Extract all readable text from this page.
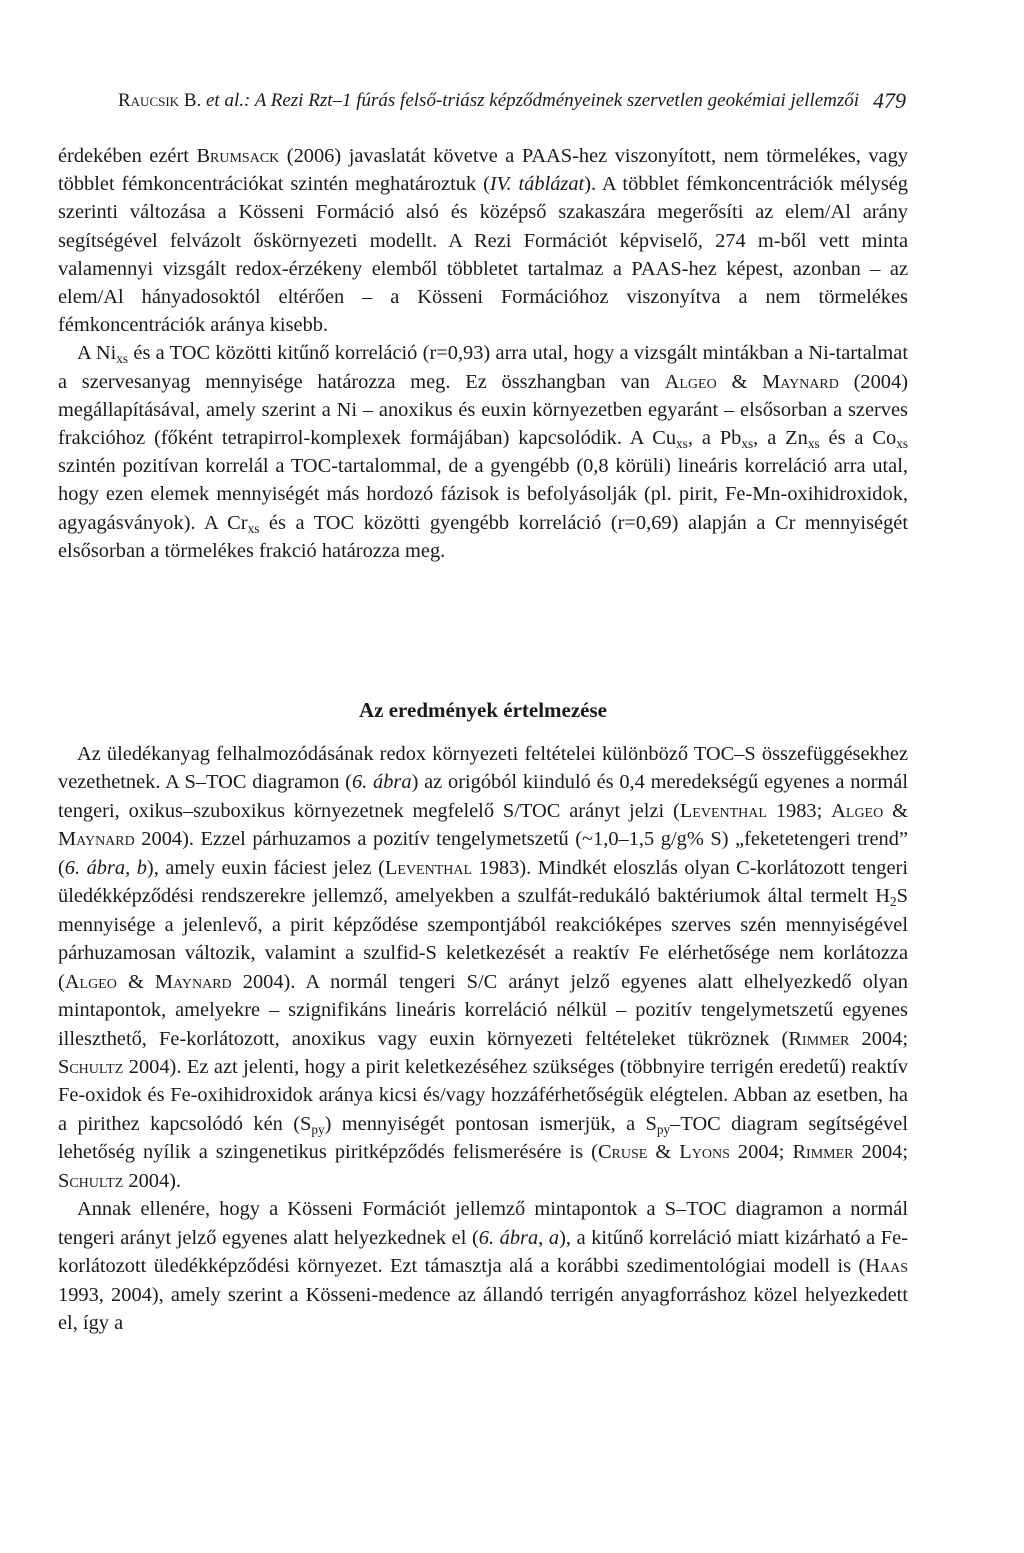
Raucsik B. et al.: A Rezi Rzt–1 fúrás felső-triász képződményeinek szervetlen geokémiai jellemzői 479

érdekében ezért Brumsack (2006) javaslatát követve a PAAS-hez viszonyított, nem törmelékes, vagy többlet fémkoncentrációkat szintén meghatároztuk (IV. táblázat). A többlet fémkoncentrációk mélység szerinti változása a Kösseni Formáció alsó és középső szakaszára megerősíti az elem/Al arány segítségével felvázolt őskörnyezeti modellt. A Rezi Formációt képviselő, 274 m-ből vett minta valamennyi vizsgált redox-érzékeny elemből többletet tartalmaz a PAAS-hez képest, azonban – az elem/Al hányadosoktól eltérően – a Kösseni Formációhoz viszonyítva a nem törmelékes fémkoncentrációk aránya kisebb.

A $Ni_{xs}$ és a TOC közötti kitűnő korreláció (r=0,93) arra utal, hogy a vizsgált mintákban a Ni-tartalmat a szervesanyag mennyisége határozza meg. Ez összhangban van Algeo & Maynard (2004) megállapításával, amely szerint a Ni – anoxikus és euxin környezetben egyaránt – elsősorban a szerves frakcióhoz (főként tetrapirrol-komplexek formájában) kapcsolódik. A $Cu_{xs}$, a $Pb_{xs}$, a $Zn_{xs}$ és a $Co_{xs}$ szintén pozitívan korrelál a TOC-tartalommal, de a gyengébb (0,8 körüli) lineáris korreláció arra utal, hogy ezen elemek mennyiségét más hordozó fázisok is befolyásolják (pl. pirit, Fe-Mn-oxihidroxidok, agyagásványok). A $Cr_{xs}$ és a TOC közötti gyengébb korreláció (r=0,69) alapján a Cr mennyiségét elsősorban a törmelékes frakció határozza meg.

Az eredmények értelmezése

Az üledékanyag felhalmozódásának redox környezeti feltételei különböző TOC–S összefüggésekhez vezethetnek. A S–TOC diagramon (6. ábra) az origóból kiinduló és 0,4 meredekségű egyenes a normál tengeri, oxikus–szuboxikus környezetnek megfelelő S/TOC arányt jelzi (Leventhal 1983; Algeo & Maynard 2004). Ezzel párhuzamos a pozitív tengelymetszetű (~1,0–1,5 g/g% S) „feketetengeri trend” (6. ábra, b), amely euxin fáciest jelez (Leventhal 1983). Mindkét eloszlás olyan C-korlátozott tengeri üledékképződési rendszerekre jellemző, amelyekben a szulfát-redukáló baktériumok által termelt $H_2S$ mennyisége a jelenlevő, a pirit képződése szempontjából reakcióképes szerves szén mennyiségével párhuzamosan változik, valamint a szulfid-S keletkezését a reaktív Fe elérhetősége nem korlátozza (Algeo & Maynard 2004). A normál tengeri S/C arányt jelző egyenes alatt elhelyezkedő olyan mintapontok, amelyekre – szignifikáns lineáris korreláció nélkül – pozitív tengelymetszetű egyenes illeszthető, Fe-korlátozott, anoxikus vagy euxin környezeti feltételeket tükröznek (Rimmer 2004; Schultz 2004). Ez azt jelenti, hogy a pirit keletkezéséhez szükséges (többnyire terrigén eredetű) reaktív Fe-oxidok és Fe-oxihidroxidok aránya kicsi és/vagy hozzáférhetőségük elégtelen. Abban az esetben, ha a pirithez kapcsolódó kén $(S_{py})$ mennyiségét pontosan ismerjük, a $S_{py}$–TOC diagram segítségével lehetőség nyílik a szingenetikus piritképződés felismerésére is (Cruse & Lyons 2004; Rimmer 2004; Schultz 2004).

Annak ellenére, hogy a Kösseni Formációt jellemző mintapontok a S–TOC diagramon a normál tengeri arányt jelző egyenes alatt helyezkednek el (6. ábra, a), a kitűnő korreláció miatt kizárható a Fe-korlátozott üledékképződési környezet. Ezt támasztja alá a korábbi szedimentológiai modell is (Haas 1993, 2004), amely szerint a Kösseni-medence az állandó terrigén anyagforráshoz közel helyezkedett el, így a
